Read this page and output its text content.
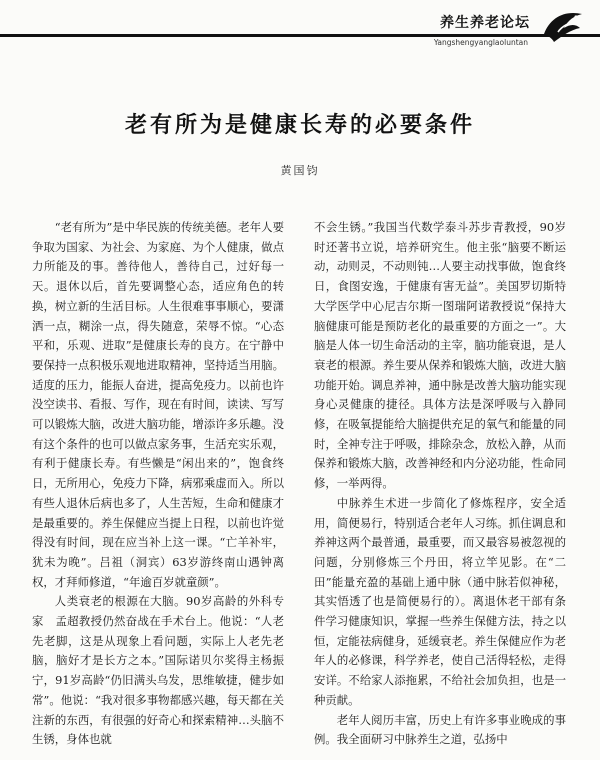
养生养老论坛
Yangshengyanglaoluntan
老有所为是健康长寿的必要条件
黄国钧

“老有所为”是中华民族的传统美德。老年人要争取为国家、为社会、为家庭、为个人健康，做点力所能及的事。善待他人，善待自己，过好每一天。退休以后，首先要调整心态，适应角色的转换，树立新的生活目标。人生很难事事顺心，要潇洒一点，糊涂一点，得失随意，荣辱不惊。“心态平和，乐观、进取”是健康长寿的良方。在宁静中要保持一点积极乐观地进取精神，坚持适当用脑。适度的压力，能振人奋进，提高免疫力。以前也许没空读书、看报、写作，现在有时间，读读、写写可以锻炼大脑，改进大脑功能，增添许多乐趣。没有这个条件的也可以做点家务事，生活充实乐观，有利于健康长寿。有些懒是“闲出来的”，饱食终日，无所用心，免疫力下降，病邪乘虚而入。所以有些人退休后病也多了，人生苦短，生命和健康才是最重要的。养生保健应当提上日程，以前也许觉得没有时间，现在应当补上这一课。“亡羊补牢，犹未为晚”。吕祖（洞宾）63岁游终南山遇钟离权，才拜师修道，“年逾百岁就童颜”。

人类衰老的根源在大脑。90岁高龄的外科专家　孟超教授仍然奋战在手术台上。他说：“人老先老脚，这是从现象上看问题，实际上人老先老脑，脑好才是长方之本。”国际诺贝尔奖得主杨振宁，91岁高龄“仍旧满头乌发，思维敏捷，健步如常”。他说：“我对很多事物都感兴趣，每天都在关注新的东西，有很强的好奇心和探索精神…头脑不生锈，身体也就

不会生锈。”我国当代数学泰斗苏步青教授，90岁时还著书立说，培养研究生。他主张“脑要不断运动，动则灵，不动则钝…人要主动找事做，饱食终日，食图安逸，于健康有害无益”。美国罗切斯特大学医学中心尼吉尔斯一图瑞阿诺教授说“保持大脑健康可能是预防老化的最重要的方面之一”。大脑是人体一切生命活动的主宰，脑功能衰退，是人衰老的根源。养生要从保养和锻炼大脑，改进大脑功能开始。调息养神，通中脉是改善大脑功能实现身心灵健康的捷径。具体方法是深呼吸与入静同修，在吸氧提能给大脑提供充足的氧气和能量的同时，全神专注于呼吸，排除杂念，放松入静，从而保养和锻炼大脑，改善神经和内分泌功能，性命同修，一举两得。

中脉养生术进一步简化了修炼程序，安全适用，简便易行，特别适合老年人习练。抓住调息和养神这两个最普通，最重要，而又最容易被忽视的问题，分别修炼三个丹田，将立竿见影。在“二田”能量充盈的基础上通中脉（通中脉若似神秘，其实悟透了也是简便易行的）。离退休老干部有条件学习健康知识，掌握一些养生保健方法，持之以恒，定能祛病健身，延缓衰老。养生保健应作为老年人的必修课，科学养老，使自己活得轻松，走得安详。不给家人添拖累，不给社会加负担，也是一种贡献。

老年人阅历丰富，历史上有许多事业晚成的事例。我全面研习中脉养生之道，弘扬中
